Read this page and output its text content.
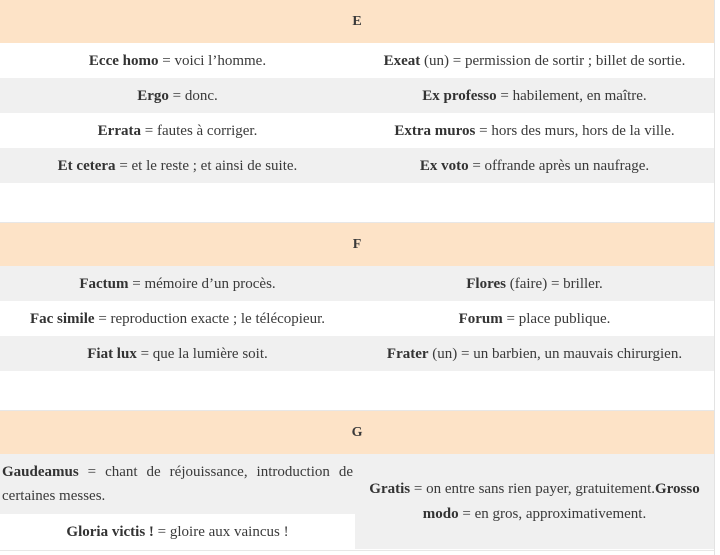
E	
Ecce homo = voici l’homme.	Exeat (un) = permission de sortir ; billet de sortie.
Ergo = donc.	Ex professo = habilement, en maître.
Errata = fautes à corriger.	Extra muros = hors des murs, hors de la ville.
Et cetera = et le reste ; et ainsi de suite.	Ex voto = offrande après un naufrage.
F	
Factum = mémoire d’un procès.	Flores (faire) = briller.
Fac simile = reproduction exacte ; le télécopieur.	Forum = place publique.
Fiat lux = que la lumière soit.	Frater (un) = un barbien, un mauvais chirurgien.
G
Gaudeamus = chant de réjouissance, introduction de certaines messes.	Gratis = on entre sans rien payer, gratuitement.Grosso modo = en gros, approximativement.
Gloria victis ! = gloire aux vaincus !
